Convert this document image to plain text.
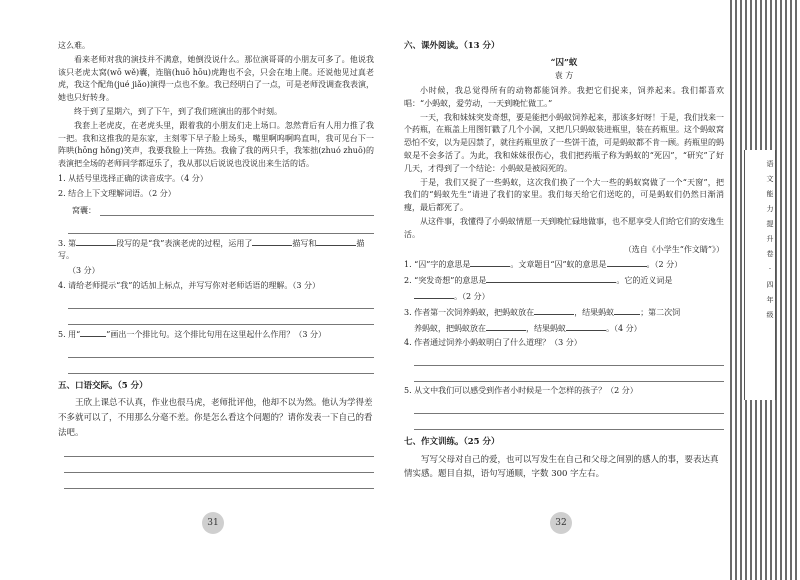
这么难。

看来老师对我的演技并不满意，她倒没说什么。那位演哥哥的小朋友可多了。他说我该只老虎太窝(wō wě)囊，连脑(huō hōu)虎跑也不会，只会在地上爬。还说他见过真老虎，我这个配角(jué jiǎo)演得一点也不象。我已经明白了一点，可是老师没调查我表演，她也只好转身。

终于到了星期六，到了下午，到了我们班演出的那个时刻。

我套上老虎皮，在老虎头里，跟着我的小朋友们走上场口。忽然背后有人用力推了我一把。我和这推我的是东家，主刻零下早子脸上场头，嘴里啊呜啊呜直叫，我可见台下一阵哄(hōng hǒng)笑声，我要我脸上一阵热。我偷了我的两只手，我笨拙(zhuó zhuō)的表演把全场的老师同学都逗乐了，我从那以后说说也没说出来生活的话。

1. 从括号里选择正确的读音成字。（4 分）
2. 结合上下文理解词语。（2 分）
窝囊：
3. 第	段写的是“我”表演老虎的过程，运用了	描写和	描写。
（3 分）
4. 请给老师提示“我”的话加上标点，并写写你对老师话语的理解。（3 分）
5. 用“	”画出一个排比句。这个排比句用在这里起什么作用？（3 分）
五、口语交际。（5 分）

王欣上课总不认真，作业也很马虎，老师批评他，他却不以为然。他认为学得差不多就可以了，不用那么分毫不差。你是怎么看这个问题的？请你发表一下自己的看法吧。

六、课外阅读。（13 分）

“囚”蚁

袁 方

小时候，我总觉得所有的动物都能饲养。我把它们捉来，饲养起来。我们都喜欢唱：“小蚂蚁，爱劳动，一天到晚忙做工。”

一天，我和妹妹突发奇想，要是能把小蚂蚁饲养起来，那该多好呀！于是，我们找来一个药瓶，在瓶盖上用图钉戳了几个小洞，又把几只蚂蚁装进瓶里，装在药瓶里。这个蚂蚁窝恐怕不安，以为是囚禁了，就往药瓶里放了一些饼干渣，可是蚂蚁都不肯一顾。药瓶里的蚂蚁是不会多活了。为此，我和妹妹很伤心，我们把药瓶子称为蚂蚁的“死囚”，“研究”了好几天，才得到了一个结论：小蚂蚁是被闷死的。

于是，我们又捉了一些蚂蚁，这次我们换了一个大一些的蚂蚁窝做了一个“天窗”，把我们的“蚂蚁先生”请进了我们的家里。我们每天给它们送吃的，可是蚂蚁们仍然日渐消瘦，最后都死了。

从这件事，我懂得了小蚂蚁情愿一天到晚忙碌地做事，也不愿享受人们给它们的安逸生活。

（选自《小学生“作文睛”》）

1. “囚”字的意思是	。文章题目“囚”蚁的意思是	。（2 分）
2. “突发奇想”的意思是	。它的近义词是
。（2 分）
3. 作者第一次饲养蚂蚁，把蚂蚁放在	，结果蚂蚁	；第二次饲
养蚂蚁，把蚂蚁放在	，结果蚂蚁	。（4 分）
4. 作者通过饲养小蚂蚁明白了什么道理？（3 分）
5. 从文中我们可以感受到作者小时候是一个怎样的孩子？（2 分）
七、作文训练。（25 分）

写写父母对自己的爱，也可以写发生在自己和父母之间别的感人的事，要表达真情实感。题目自拟，语句写通顺，字数 300 字左右。

31	32
语文能力提升卷·四年级
